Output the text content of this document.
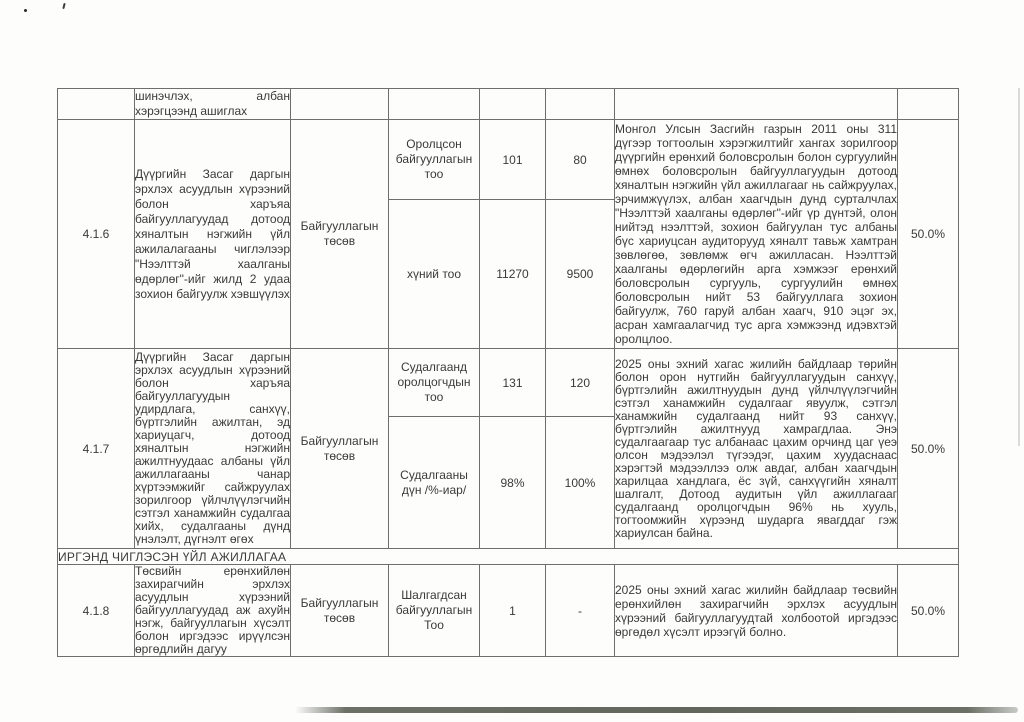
	шинэчлэх, албан хэрэгцээнд ашиглах						
4.1.6	Дүүргийн Засаг даргын эрхлэх асуудлын хүрээний болон харъяа байгууллагуудад дотоод хяналтын нэгжийн үйл ажилалагааны чиглэлээр "Нээлттэй хаалганы өдөрлөг"-ийг жилд 2 удаа зохион байгуулж хэвшүүлэх	Байгууллагын төсөв	Оролцсон байгууллагын тоо	101	80	Монгол Улсын Засгийн газрын 2011 оны 311 дүгээр тогтоолын хэрэгжилтийг хангах зорилгоор дүүргийн ерөнхий боловсролын болон сургуулийн өмнөх боловсролын байгууллагуудын дотоод хяналтын нэгжийн үйл ажиллагааг нь сайжруулах, эрчимжүүлэх, албан хаагчдын дунд сурталчлах "Нээлттэй хаалганы өдөрлөг"-ийг үр дүнтэй, олон нийтэд нээлттэй, зохион байгуулан тус албаны бүс хариуцсан аудиторууд хяналт тавьж хамтран зөвлөгөө, зөвлөмж өгч ажилласан. Нээлттэй хаалганы өдөрлөгийн арга хэмжээг ерөнхий боловсролын сургууль, сургуулийн өмнөх боловсролын нийт 53 байгууллага зохион байгуулж, 760 гаруй албан хаагч, 910 эцэг эх, асран хамгаалагчид тус арга хэмжээнд идэвхтэй оролцлоо.	50.0%
			хүний тоо	11270	9500		
4.1.7	Дүүргийн Засаг даргын эрхлэх асуудлын хүрээний болон харъяа байгууллагуудын удирдлага, санхүү, бүртгэлийн ажилтан, эд хариуцагч, дотоод хяналтын нэгжийн ажилтнуудаас албаны үйл ажиллагааны чанар хүртээмжийг сайжруулах зорилгоор үйлчлүүлэгчийн сэтгэл ханамжийн судалгаа хийх, судалгааны дүнд үнэлэлт, дүгнэлт өгөх	Байгууллагын төсөв	Судалгаанд оролцогчдын тоо	131	120	2025 оны эхний хагас жилийн байдлаар төрийн болон орон нутгийн байгууллагуудын санхүү, бүртгэлийн ажилтнуудын дунд үйлчлүүлэгчийн сэтгэл ханамжийн судалгааг явуулж, сэтгэл ханамжийн судалгаанд нийт 93 санхүү, бүртгэлийн ажилтнууд хамрагдлаа. Энэ судалгаагаар тус албанаас цахим орчинд цаг үеэ олсон мэдээлэл түгээдэг, цахим хуудаснаас хэрэгтэй мэдээллээ олж авдаг, албан хаагчдын харилцаа хандлага, ёс зүй, санхүүгийн хяналт шалгалт, Дотоод аудитын үйл ажиллагааг судалгаанд оролцогчдын 96% нь хууль, тогтоомжийн хүрээнд шударга явагддаг гэж хариулсан байна.	50.0%
			Судалгааны дүн /%-иар/	98%	100%		
ИРГЭНД ЧИГЛЭСЭН ҮЙЛ АЖИЛЛАГАА							
4.1.8	Төсвийн ерөнхийлөн захирагчийн эрхлэх асуудлын хүрээний байгууллагуудад аж ахуйн нэгж, байгууллагын хүсэлт болон иргэдээс ирүүлсэн өргөдлийн дагуу	Байгууллагын төсөв	Шалгагдсан байгууллагын Тоо	1	-	2025 оны эхний хагас жилийн байдлаар төсвийн ерөнхийлөн захирагчийн эрхлэх асуудлын хүрээний байгууллагуудтай холбоотой иргэдээс өргөдөл хүсэлт ирээгүй болно.	50.0%
